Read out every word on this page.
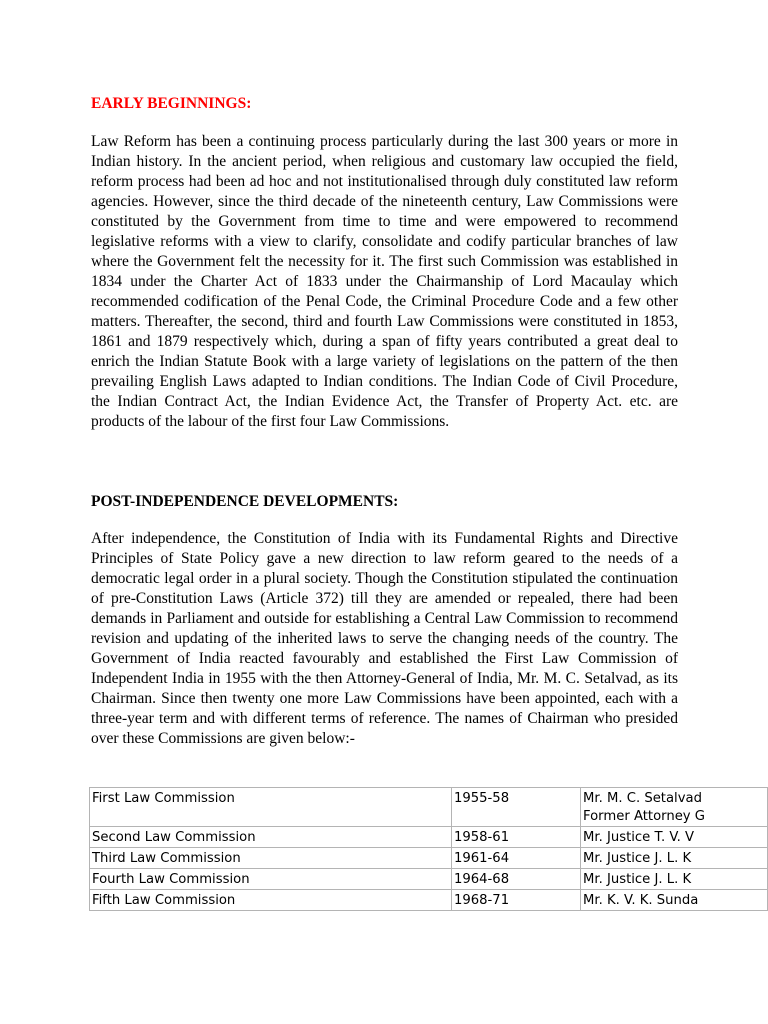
EARLY BEGINNINGS:

Law Reform has been a continuing process particularly during the last 300 years or more in Indian history. In the ancient period, when religious and customary law occupied the field, reform process had been ad hoc and not institutionalised through duly constituted law reform agencies. However, since the third decade of the nineteenth century, Law Commissions were constituted by the Government from time to time and were empowered to recommend legislative reforms with a view to clarify, consolidate and codify particular branches of law where the Government felt the necessity for it. The first such Commission was established in 1834 under the Charter Act of 1833 under the Chairmanship of Lord Macaulay which recommended codification of the Penal Code, the Criminal Procedure Code and a few other matters. Thereafter, the second, third and fourth Law Commissions were constituted in 1853, 1861 and 1879 respectively which, during a span of fifty years contributed a great deal to enrich the Indian Statute Book with a large variety of legislations on the pattern of the then prevailing English Laws adapted to Indian conditions. The Indian Code of Civil Procedure, the Indian Contract Act, the Indian Evidence Act, the Transfer of Property Act. etc. are products of the labour of the first four Law Commissions.

POST-INDEPENDENCE DEVELOPMENTS:

After independence, the Constitution of India with its Fundamental Rights and Directive Principles of State Policy gave a new direction to law reform geared to the needs of a democratic legal order in a plural society. Though the Constitution stipulated the continuation of pre-Constitution Laws (Article 372) till they are amended or repealed, there had been demands in Parliament and outside for establishing a Central Law Commission to recommend revision and updating of the inherited laws to serve the changing needs of the country. The Government of India reacted favourably and established the First Law Commission of Independent India in 1955 with the then Attorney-General of India, Mr. M. C. Setalvad, as its Chairman. Since then twenty one more Law Commissions have been appointed, each with a three-year term and with different terms of reference. The names of Chairman who presided over these Commissions are given below:-

First Law Commission	1955-58	Mr. M. C. Setalvad
Former Attorney G

Second Law Commission	1958-61	Mr. Justice T. V. V
Third Law Commission	1961-64	Mr. Justice J. L. K
Fourth Law Commission	1964-68	Mr. Justice J. L. K
Fifth Law Commission	1968-71	Mr. K. V. K. Sunda
